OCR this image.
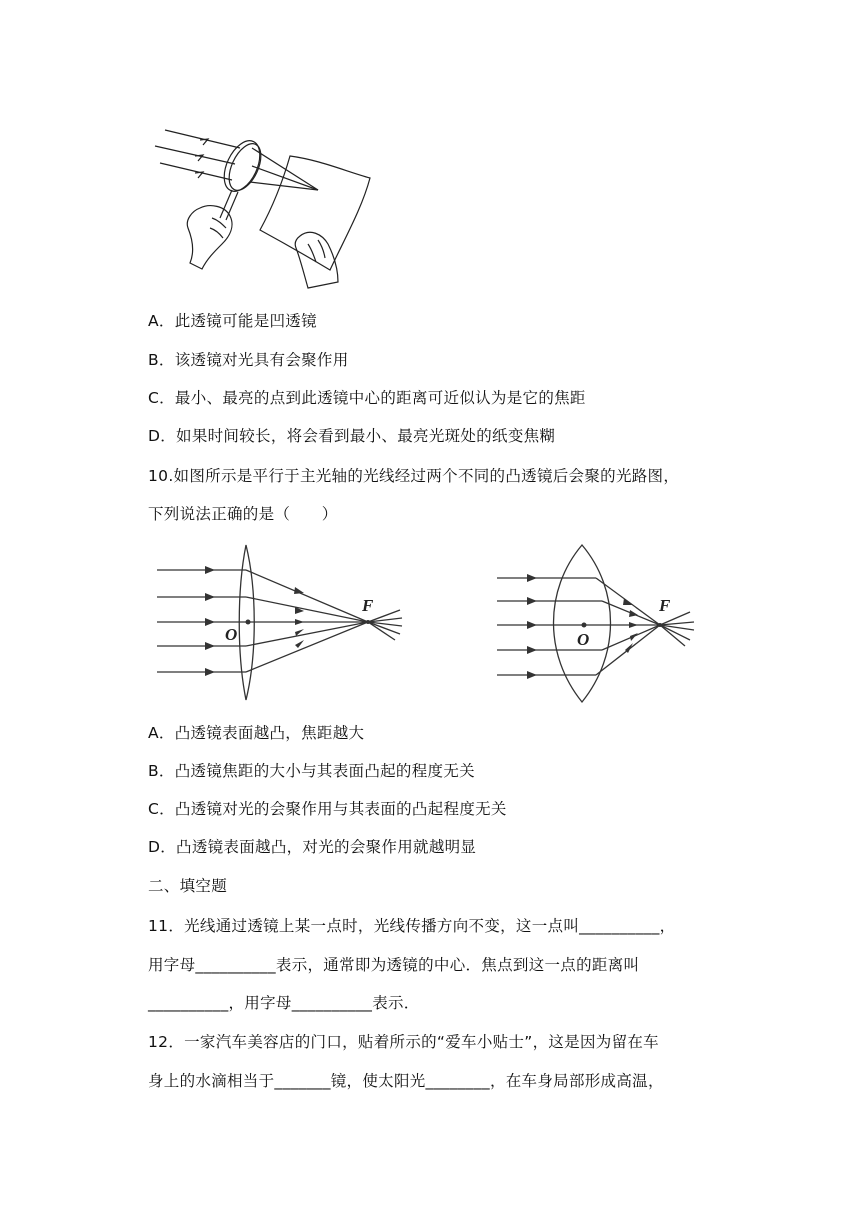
A．此透镜可能是凹透镜
B．该透镜对光具有会聚作用
C．最小、最亮的点到此透镜中心的距离可近似认为是它的焦距
D．如果时间较长，将会看到最小、最亮光斑处的纸变焦糊
10.如图所示是平行于主光轴的光线经过两个不同的凸透镜后会聚的光路图，
下列说法正确的是（　　）
O
F
O
F
A．凸透镜表面越凸，焦距越大
B．凸透镜焦距的大小与其表面凸起的程度无关
C．凸透镜对光的会聚作用与其表面的凸起程度无关
D．凸透镜表面越凸，对光的会聚作用就越明显
二、填空题
11．光线通过透镜上某一点时，光线传播方向不变，这一点叫__________，
用字母__________表示，通常即为透镜的中心．焦点到这一点的距离叫
__________，用字母__________表示．
12．一家汽车美容店的门口，贴着所示的“爱车小贴士”，这是因为留在车
身上的水滴相当于_______镜，使太阳光________，在车身局部形成高温，
